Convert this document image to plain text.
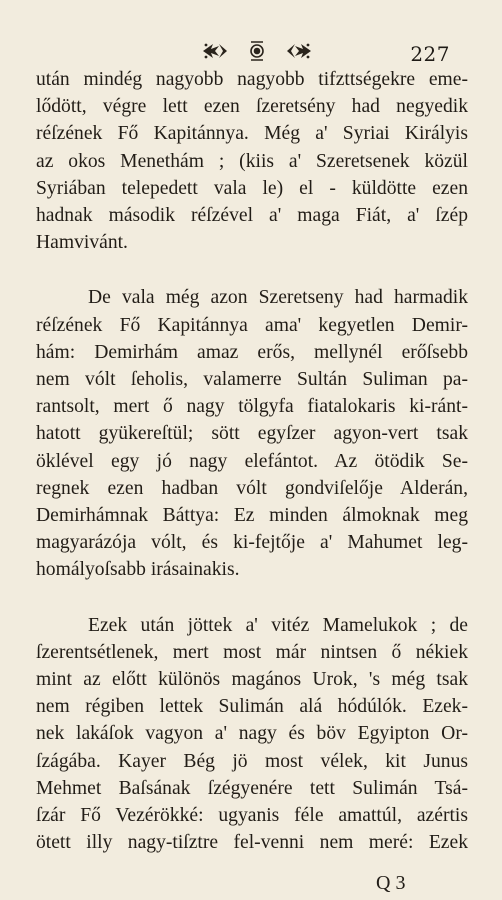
227

után mindég nagyobb nagyobb tifzttségekre eme-
lődött, végre lett ezen ſzeretsény had negyedik
réſzének Fő Kapitánnya. Még a' Syriai Királyis
az okos Menethám ; (kiis a' Szeretsenek közül
Syriában telepedett vala le) el - küldötte ezen
hadnak második réſzével a' maga Fiát, a' ſzép
Hamvivánt.

De vala még azon Szeretseny had harmadik
réſzének Fő Kapitánnya ama' kegyetlen Demir-
hám: Demirhám amaz erős, mellynél erőſsebb
nem vólt ſeholis, valamerre Sultán Suliman pa-
rantsolt, mert ő nagy tölgyfa fiatalokaris ki-ránt-
hatott gyükereſtül; sött egyſzer agyon-vert tsak
öklével egy jó nagy elefántot. Az ötödik Se-
regnek ezen hadban vólt gondviſelője Alderán,
Demirhámnak Báttya: Ez minden álmoknak meg
magyarázója vólt, és ki-fejtője a' Mahumet leg-
homályoſsabb irásainakis.

Ezek után jöttek a' vitéz Mamelukok ; de
ſzerentsétlenek, mert most már nintsen ő nékiek
mint az előtt különös magános Urok, 's még tsak
nem régiben lettek Sulimán alá hódúlók. Ezek-
nek lakáſok vagyon a' nagy és böv Egyipton Or-
ſzágába. Kayer Bég jö most vélek, kit Junus
Mehmet Baſsának ſzégyenére tett Sulimán Tsá-
ſzár Fő Vezérökké: ugyanis féle amattúl, azértis
ötett illy nagy-tiſztre fel-venni nem meré: Ezek

Q 3
